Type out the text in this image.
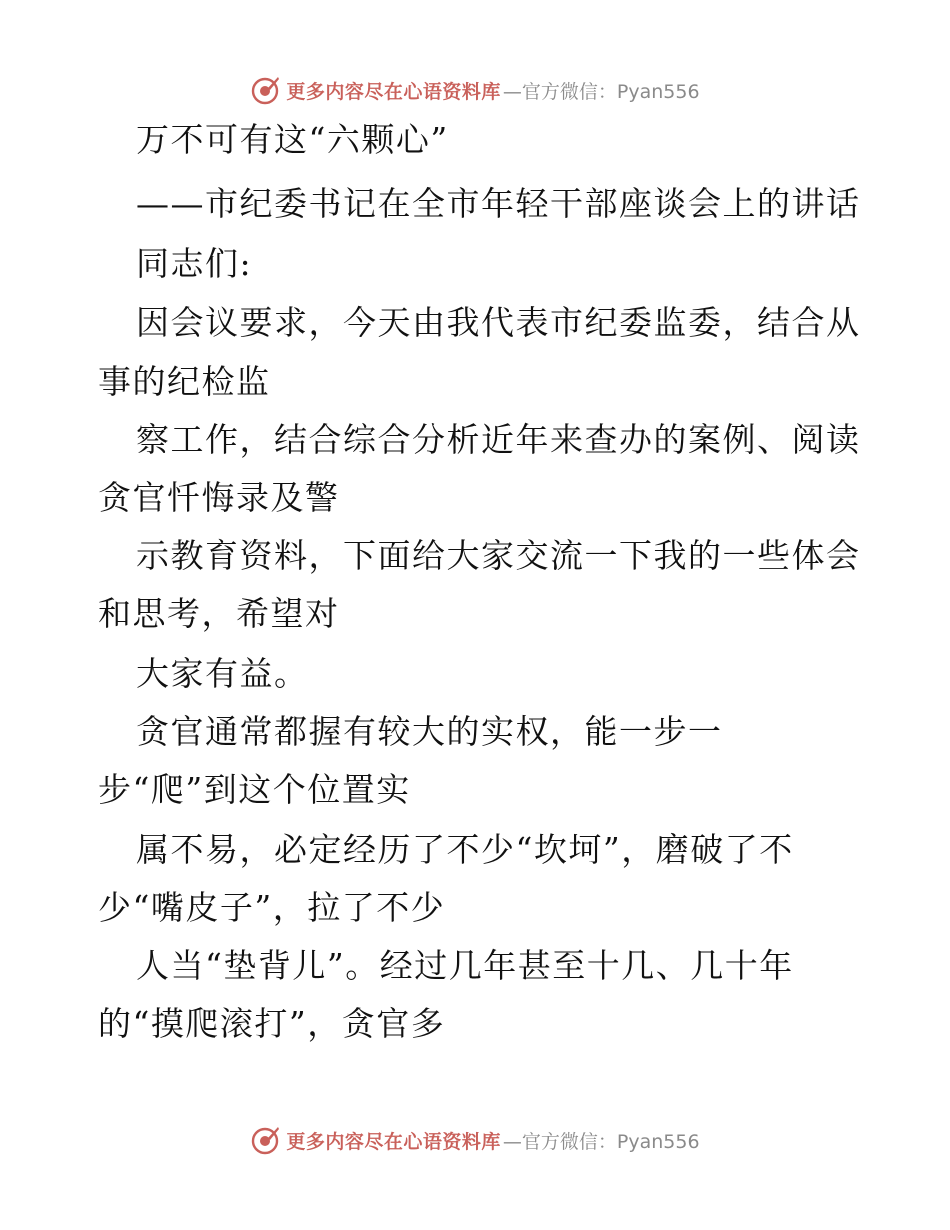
更多内容尽在心语资料库 —官方微信：Pyan556
万不可有这“六颗心”
——市纪委书记在全市年轻干部座谈会上的讲话
同志们:
因会议要求，今天由我代表市纪委监委，结合从
事的纪检监
察工作，结合综合分析近年来查办的案例、阅读
贪官忏悔录及警
示教育资料，下面给大家交流一下我的一些体会
和思考，希望对
大家有益。
贪官通常都握有较大的实权，能一步一
步“爬”到这个位置实
属不易，必定经历了不少“坎坷”，磨破了不
少“嘴皮子”，拉了不少
人当“垫背儿”。经过几年甚至十几、几十年
的“摸爬滚打”，贪官多
更多内容尽在心语资料库 —官方微信：Pyan556
